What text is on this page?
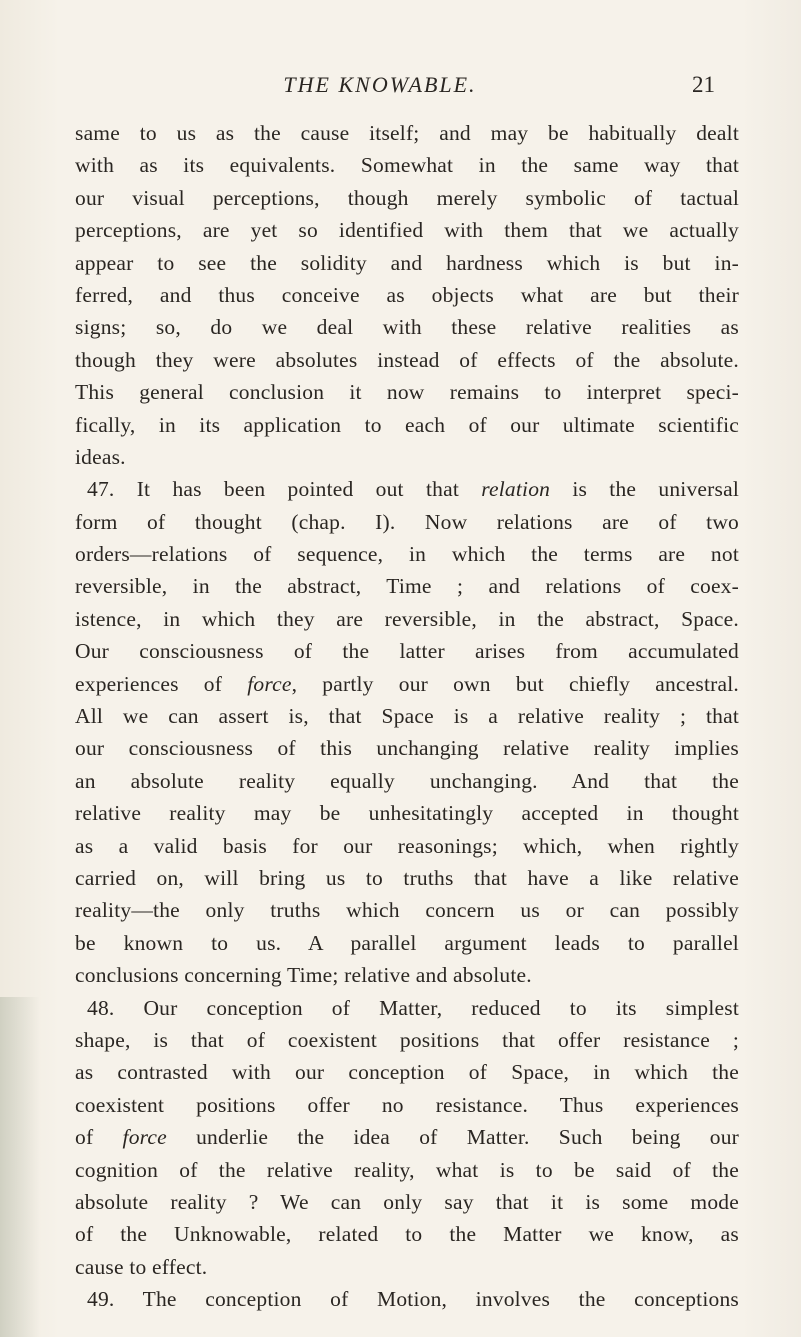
THE KNOWABLE.	21
same to us as the cause itself; and may be habitually dealt
with as its equivalents. Somewhat in the same way that
our visual perceptions, though merely symbolic of tactual
perceptions, are yet so identified with them that we actually
appear to see the solidity and hardness which is but in-
ferred, and thus conceive as objects what are but their
signs; so, do we deal with these relative realities as
though they were absolutes instead of effects of the absolute.
This general conclusion it now remains to interpret speci-
fically, in its application to each of our ultimate scientific
ideas.
47. It has been pointed out that relation is the universal
form of thought (chap. I). Now relations are of two
orders—relations of sequence, in which the terms are not
reversible, in the abstract, Time ; and relations of coex-
istence, in which they are reversible, in the abstract, Space.
Our consciousness of the latter arises from accumulated
experiences of force, partly our own but chiefly ancestral.
All we can assert is, that Space is a relative reality ; that
our consciousness of this unchanging relative reality implies
an absolute reality equally unchanging. And that the
relative reality may be unhesitatingly accepted in thought
as a valid basis for our reasonings; which, when rightly
carried on, will bring us to truths that have a like relative
reality—the only truths which concern us or can possibly
be known to us. A parallel argument leads to parallel
conclusions concerning Time; relative and absolute.
48. Our conception of Matter, reduced to its simplest
shape, is that of coexistent positions that offer resistance ;
as contrasted with our conception of Space, in which the
coexistent positions offer no resistance. Thus experiences
of force underlie the idea of Matter. Such being our
cognition of the relative reality, what is to be said of the
absolute reality ? We can only say that it is some mode
of the Unknowable, related to the Matter we know, as
cause to effect.
49. The conception of Motion, involves the conceptions
